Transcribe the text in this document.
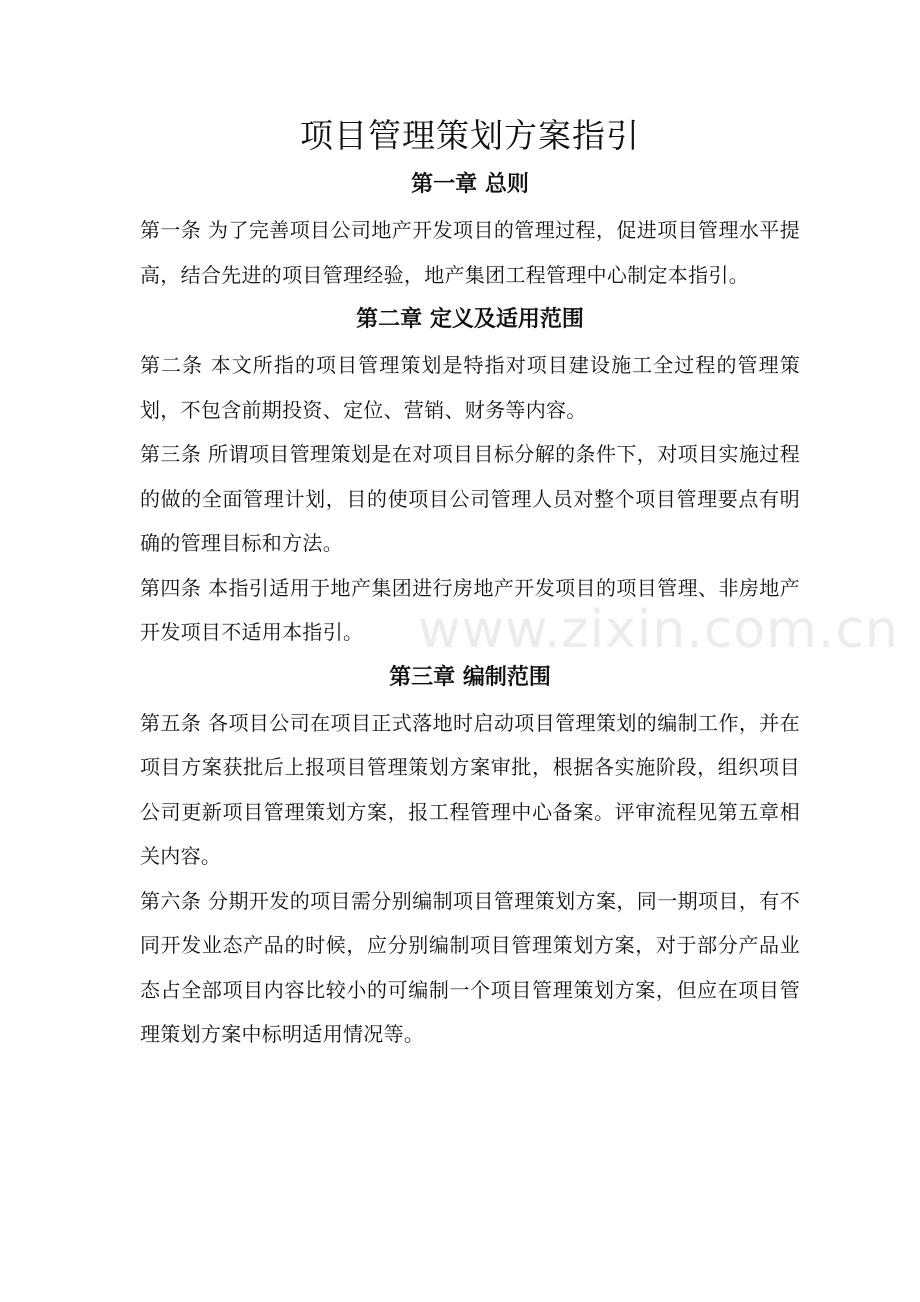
项目管理策划方案指引
第一章 总则

第一条 为了完善项目公司地产开发项目的管理过程，促进项目管理水平提高，结合先进的项目管理经验，地产集团工程管理中心制定本指引。

第二章 定义及适用范围

第二条 本文所指的项目管理策划是特指对项目建设施工全过程的管理策划，不包含前期投资、定位、营销、财务等内容。

第三条 所谓项目管理策划是在对项目目标分解的条件下，对项目实施过程的做的全面管理计划，目的使项目公司管理人员对整个项目管理要点有明确的管理目标和方法。

第四条 本指引适用于地产集团进行房地产开发项目的项目管理、非房地产开发项目不适用本指引。

第三章 编制范围

第五条 各项目公司在项目正式落地时启动项目管理策划的编制工作，并在项目方案获批后上报项目管理策划方案审批，根据各实施阶段，组织项目公司更新项目管理策划方案，报工程管理中心备案。评审流程见第五章相关内容。

第六条 分期开发的项目需分别编制项目管理策划方案，同一期项目，有不同开发业态产品的时候，应分别编制项目管理策划方案，对于部分产品业态占全部项目内容比较小的可编制一个项目管理策划方案，但应在项目管理策划方案中标明适用情况等。

www.zixin.com.cn
